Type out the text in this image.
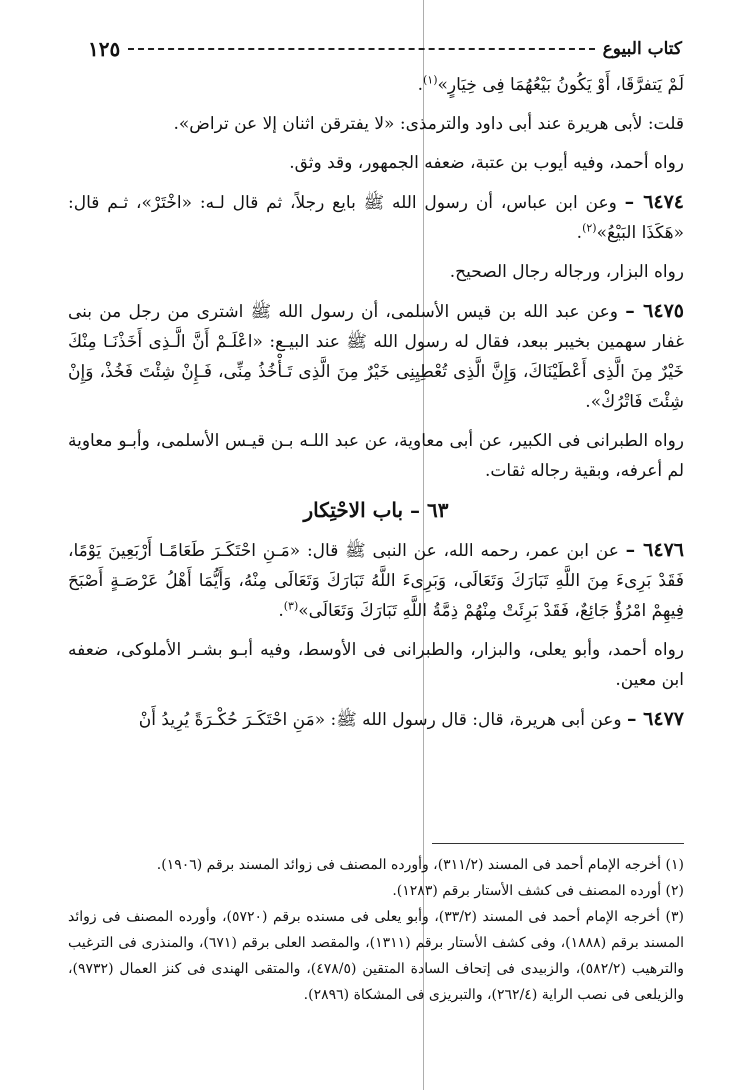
كتاب البيوع
١٢٥

لَمْ يَتفرَّقَا، أَوْ يَكُونُ بَيْعُهُمَا فِى خِيَارٍ»$^{(١)}$.

قلت: لأبى هريرة عند أبى داود والترمذى: «لا يفترقن اثنان إلا عن تراض».

رواه أحمد، وفيه أيوب بن عتبة، ضعفه الجمهور، وقد وثق.

٦٤٧٤ – وعن ابن عباس، أن رسول الله ﷺ بايع رجلاً، ثم قال لـه: «اخْتَرْ»، ثـم قال: «هَكَذَا البَيْعُ»$^{(٢)}$.

رواه البزار، ورجاله رجال الصحيح.

٦٤٧٥ – وعن عبد الله بن قيس الأسلمى، أن رسول الله ﷺ اشترى من رجل من بنى غفار سهمين بخيبر ببعد، فقال له رسول الله ﷺ عند البيـع: «اعْلَـمْ أَنَّ الَّـذِى أَخَذْنَـا مِنْكَ خَيْرٌ مِنَ الَّذِى أَعْطَيْنَاكَ، وَإِنَّ الَّذِى تُعْطِيِنِى خَيْرٌ مِنَ الَّذِى تَـأْخُذُ مِنِّى، فَـإِنْ شِئْتَ فَخُذْ، وَإِنْ شِئْتَ فَاتْرُكْ».

رواه الطبرانى فى الكبير، عن أبى معاوية، عن عبد اللـه بـن قيـس الأسلمى، وأبـو معاوية لم أعرفه، وبقية رجاله ثقات.

٦٣ – باب الاحْتِكار

٦٤٧٦ – عن ابن عمر، رحمه الله، عن النبى ﷺ قال: «مَـنِ احْتَكَـرَ طَعَامًـا أَرْبَعِينَ يَوْمًا، فَقَدْ بَرِىءَ مِنَ اللَّهِ تَبَارَكَ وَتَعَالَى، وَبَرِىءَ اللَّهُ تَبَارَكَ وَتَعَالَى مِنْهُ، وَأَيُّمَا أَهْلُ عَرْصَـةٍ أَصْبَحَ فِيهِمْ امْرُؤٌ جَائِعٌ، فَقَدْ بَرِئَتْ مِنْهُمْ ذِمَّةُ اللَّهِ تَبَارَكَ وَتَعَالَى»$^{(٣)}$.

رواه أحمد، وأبو يعلى، والبزار، والطبرانى فى الأوسط، وفيه أبـو بشـر الأملوكى، ضعفه ابن معين.

٦٤٧٧ – وعن أبى هريرة، قال: قال رسول الله ﷺ: «مَنِ احْتَكَـرَ حُكْـرَةً يُرِيدُ أَنْ

(١) أخرجه الإمام أحمد فى المسند (٣١١/٢)، وأورده المصنف فى زوائد المسند برقم (١٩٠٦).

(٢) أورده المصنف فى كشف الأستار برقم (١٢٨٣).

(٣) أخرجه الإمام أحمد فى المسند (٣٣/٢)، وأبو يعلى فى مسنده برقم (٥٧٢٠)، وأورده المصنف فى زوائد المسند برقم (١٨٨٨)، وفى كشف الأستار برقم (١٣١١)، والمقصد العلى برقم (٦٧١)، والمنذرى فى الترغيب والترهيب (٥٨٢/٢)، والزبيدى فى إتحاف السادة المتقين (٤٧٨/٥)، والمتقى الهندى فى كنز العمال (٩٧٣٢)، والزيلعى فى نصب الراية (٢٦٢/٤)، والتبريزى فى المشكاة (٢٨٩٦).
